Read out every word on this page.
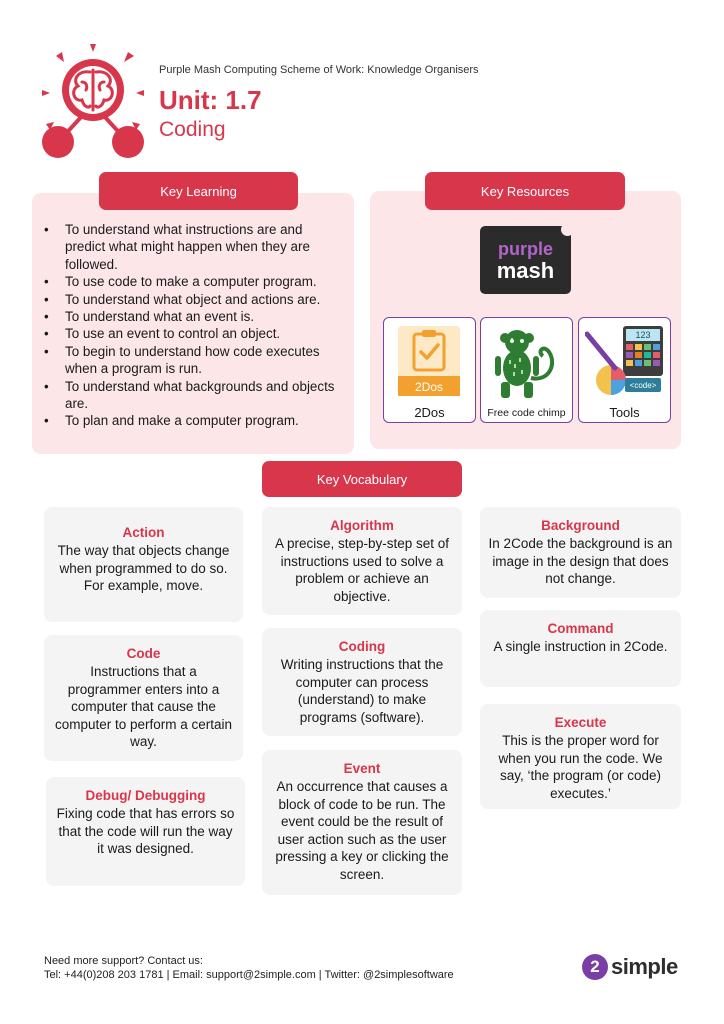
Purple Mash Computing Scheme of Work: Knowledge Organisers
Unit: 1.7
Coding
Key Learning
• To understand what instructions are and predict what might happen when they are followed.
• To use code to make a computer program.
• To understand what object and actions are.
• To understand what an event is.
• To use an event to control an object.
• To begin to understand how code executes when a program is run.
• To understand what backgrounds and objects are.
• To plan and make a computer program.
Key Resources
purple
mash
2Dos
2Dos	Free code chimp
123
<code>
Tools
Key Vocabulary
Action
The way that objects change when programmed to do so. For example, move.
Algorithm
A precise, step-by-step set of instructions used to solve a problem or achieve an objective.
Background
In 2Code the background is an image in the design that does not change.
Code
Instructions that a programmer enters into a computer that cause the computer to perform a certain way.
Coding
Writing instructions that the computer can process (understand) to make programs (software).
Command
A single instruction in 2Code.
Debug/ Debugging
Fixing code that has errors so that the code will run the way it was designed.
Event
An occurrence that causes a block of code to be run. The event could be the result of user action such as the user pressing a key or clicking the screen.
Execute
This is the proper word for when you run the code. We say, ‘the program (or code) executes.’
Need more support? Contact us:
Tel: +44(0)208 203 1781 | Email: support@2simple.com | Twitter: @2simplesoftware	2 simple
